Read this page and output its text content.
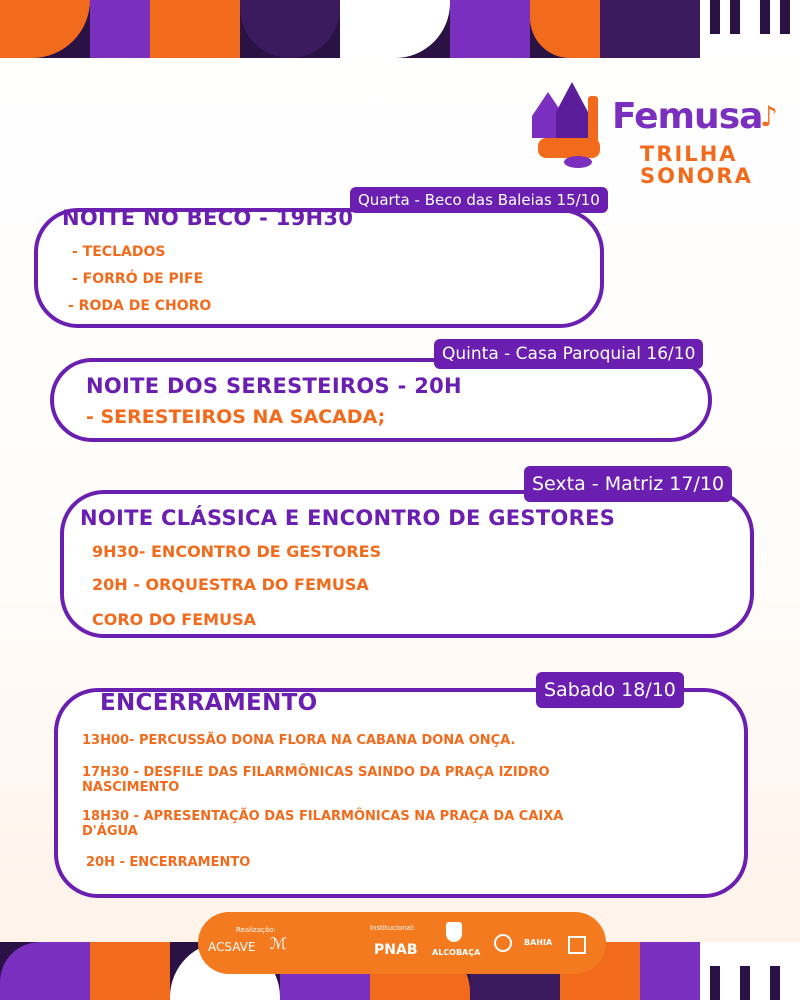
Femusa
♪
TRILHA
SONORA
Quarta - Beco das Baleias 15/10
NOITE NO BECO - 19H30
- TECLADOS
- FORRÓ DE PIFE
- RODA DE CHORO
Quinta - Casa Paroquial 16/10
NOITE DOS SERESTEIROS - 20H
- SERESTEIROS NA SACADA;
Sexta - Matriz 17/10
NOITE CLÁSSICA E ENCONTRO DE GESTORES
9H30- ENCONTRO DE GESTORES
20H - ORQUESTRA DO FEMUSA
CORO DO FEMUSA
Sabado 18/10
ENCERRAMENTO
13H00- PERCUSSÃO DONA FLORA NA CABANA DONA ONÇA.
17H30 - DESFILE DAS FILARMÔNICAS SAINDO DA PRAÇA IZIDRO
NASCIMENTO
18H30 - APRESENTAÇÃO DAS FILARMÔNICAS NA PRAÇA DA CAIXA
D'ÁGUA
20H - ENCERRAMENTO
Realização:
ACSAVE ℳ
Institucional:
PNAB ALCOBAÇA
BAHIA
